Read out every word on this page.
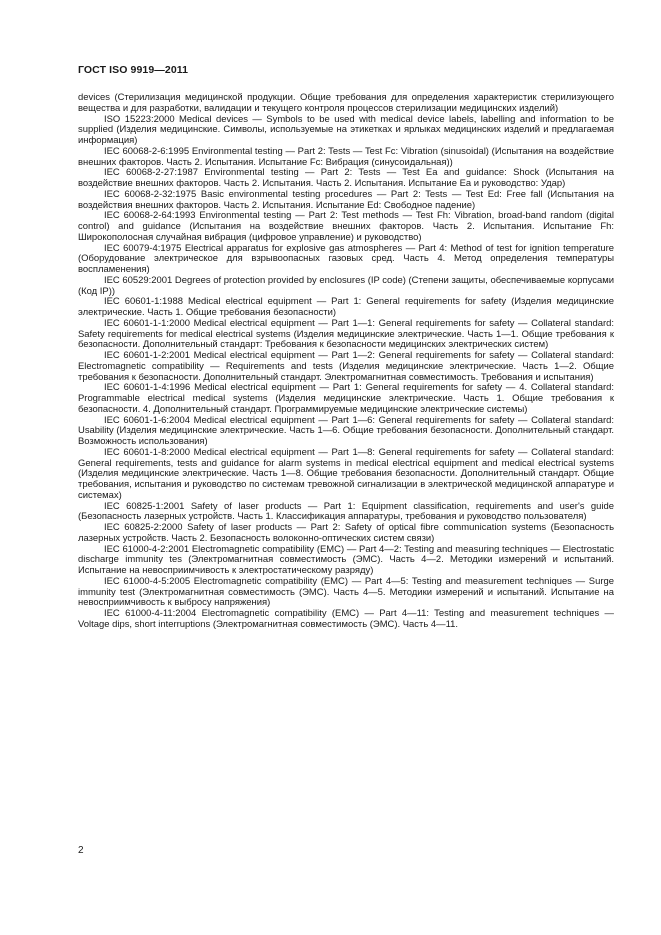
ГОСТ ISO 9919—2011

devices (Стерилизация медицинской продукции. Общие требования для определения характеристик стерилизующего вещества и для разработки, валидации и текущего контроля процессов стерилизации медицинских изделий)

ISO 15223:2000 Medical devices — Symbols to be used with medical device labels, labelling and information to be supplied (Изделия медицинские. Символы, используемые на этикетках и ярлыках медицинских изделий и предлагаемая информация)

IEC 60068-2-6:1995 Environmental testing — Part 2: Tests — Test Fc: Vibration (sinusoidal) (Испытания на воздействие внешних факторов. Часть 2. Испытания. Испытание Fc: Вибрация (синусоидальная))

IEC 60068-2-27:1987 Environmental testing — Part 2: Tests — Test Ea and guidance: Shock (Испытания на воздействие внешних факторов. Часть 2. Испытания. Часть 2. Испытания. Испытание Еа и руководство: Удар)

IEC 60068-2-32:1975 Basic environmental testing procedures — Part 2: Tests — Test Ed: Free fall (Испытания на воздействия внешних факторов. Часть 2. Испытания. Испытание Ed: Свободное падение)

IEC 60068-2-64:1993 Environmental testing — Part 2: Test methods — Test Fh: Vibration, broad-band random (digital control) and guidance (Испытания на воздействие внешних факторов. Часть 2. Испытания. Испытание Fh: Широкополосная случайная вибрация (цифровое управление) и руководство)

IEC 60079-4:1975 Electrical apparatus for explosive gas atmospheres — Part 4: Method of test for ignition temperature (Оборудование электрическое для взрывоопасных газовых сред. Часть 4. Метод определения температуры воспламенения)

IEC 60529:2001 Degrees of protection provided by enclosures (IP code) (Степени защиты, обеспечиваемые корпусами (Код IP))

IEC 60601-1:1988 Medical electrical equipment — Part 1: General requirements for safety (Изделия медицинские электрические. Часть 1. Общие требования безопасности)

IEC 60601-1-1:2000 Medical electrical equipment — Part 1—1: General requirements for safety — Collateral standard: Safety requirements for medical electrical systems (Изделия медицинские электрические. Часть 1—1. Общие требования к безопасности. Дополнительный стандарт: Требования к безопасности медицинских электрических систем)

IEC 60601-1-2:2001 Medical electrical equipment — Part 1—2: General requirements for safety — Collateral standard: Electromagnetic compatibility — Requirements and tests (Изделия медицинские электрические. Часть 1—2. Общие требования к безопасности. Дополнительный стандарт. Электромагнитная совместимость. Требования и испытания)

IEC 60601-1-4:1996 Medical electrical equipment — Part 1: General requirements for safety — 4. Collateral standard: Programmable electrical medical systems (Изделия медицинские электрические. Часть 1. Общие требования к безопасности. 4. Дополнительный стандарт. Программируемые медицинские электрические системы)

IEC 60601-1-6:2004 Medical electrical equipment — Part 1—6: General requirements for safety — Collateral standard: Usability (Изделия медицинские электрические. Часть 1—6. Общие требования безопасности. Дополнительный стандарт. Возможность использования)

IEC 60601-1-8:2000 Medical electrical equipment — Part 1—8: General requirements for safety — Collateral standard: General requirements, tests and guidance for alarm systems in medical electrical equipment and medical electrical systems (Изделия медицинские электрические. Часть 1—8. Общие требования безопасности. Дополнительный стандарт. Общие требования, испытания и руководство по системам тревожной сигнализации в электрической медицинской аппаратуре и системах)

IEC 60825-1:2001 Safety of laser products — Part 1: Equipment classification, requirements and user's guide (Безопасность лазерных устройств. Часть 1. Классификация аппаратуры, требования и руководство пользователя)

IEC 60825-2:2000 Safety of laser products — Part 2: Safety of optical fibre communication systems (Безопасность лазерных устройств. Часть 2. Безопасность волоконно-оптических систем связи)

IEC 61000-4-2:2001 Electromagnetic compatibility (EMC) — Part 4—2: Testing and measuring techniques — Electrostatic discharge immunity tes (Электромагнитная совместимость (ЭМС). Часть 4—2. Методики измерений и испытаний. Испытание на невосприимчивость к электростатическому разряду)

IEC 61000-4-5:2005 Electromagnetic compatibility (EMC) — Part 4—5: Testing and measurement techniques — Surge immunity test (Электромагнитная совместимость (ЭМС). Часть 4—5. Методики измерений и испытаний. Испытание на невосприимчивость к выбросу напряжения)

IEC 61000-4-11:2004 Electromagnetic compatibility (EMC) — Part 4—11: Testing and measurement techniques — Voltage dips, short interruptions (Электромагнитная совместимость (ЭМС). Часть 4—11.

2
